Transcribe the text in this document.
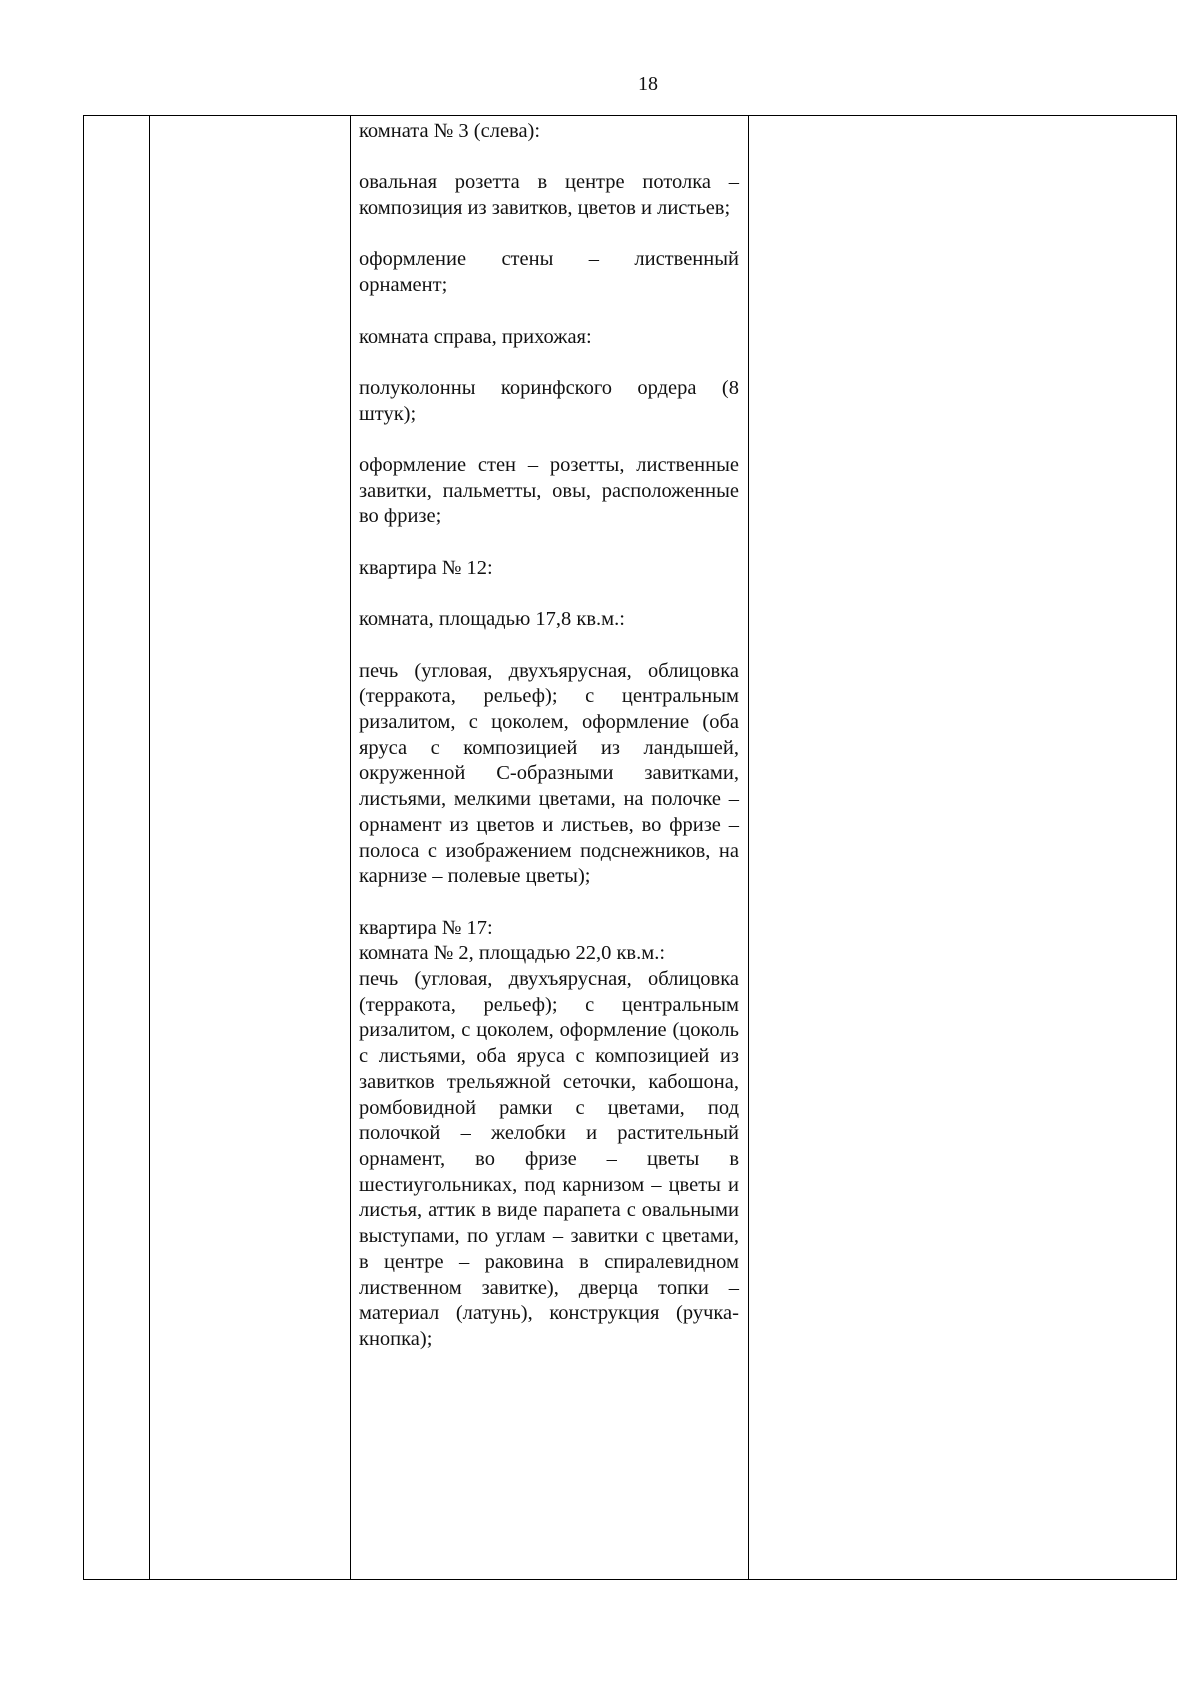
18

комната № 3 (слева):

овальная розетта в центре потолка – композиция из завитков, цветов и листьев;

оформление стены – лиственный орнамент;

комната справа, прихожая:

полуколонны коринфского ордера (8 штук);

оформление стен – розетты, лиственные завитки, пальметты, овы, расположенные во фризе;

квартира № 12:

комната, площадью 17,8 кв.м.:

печь (угловая, двухъярусная, облицовка (терракота, рельеф); с центральным ризалитом, с цоколем, оформление (оба яруса с композицией из ландышей, окруженной С-образными завитками, листьями, мелкими цветами, на полочке – орнамент из цветов и листьев, во фризе – полоса с изображением подснежников, на карнизе – полевые цветы);

квартира № 17:

комната № 2, площадью 22,0 кв.м.:

печь (угловая, двухъярусная, облицовка (терракота, рельеф); с центральным ризалитом, с цоколем, оформление (цоколь с листьями, оба яруса с композицией из завитков трельяжной сеточки, кабошона, ромбовидной рамки с цветами, под полочкой – желобки и растительный орнамент, во фризе – цветы в шестиугольниках, под карнизом – цветы и листья, аттик в виде парапета с овальными выступами, по углам – завитки с цветами, в центре – раковина в спиралевидном лиственном завитке), дверца топки – материал (латунь), конструкция (ручка-кнопка);
